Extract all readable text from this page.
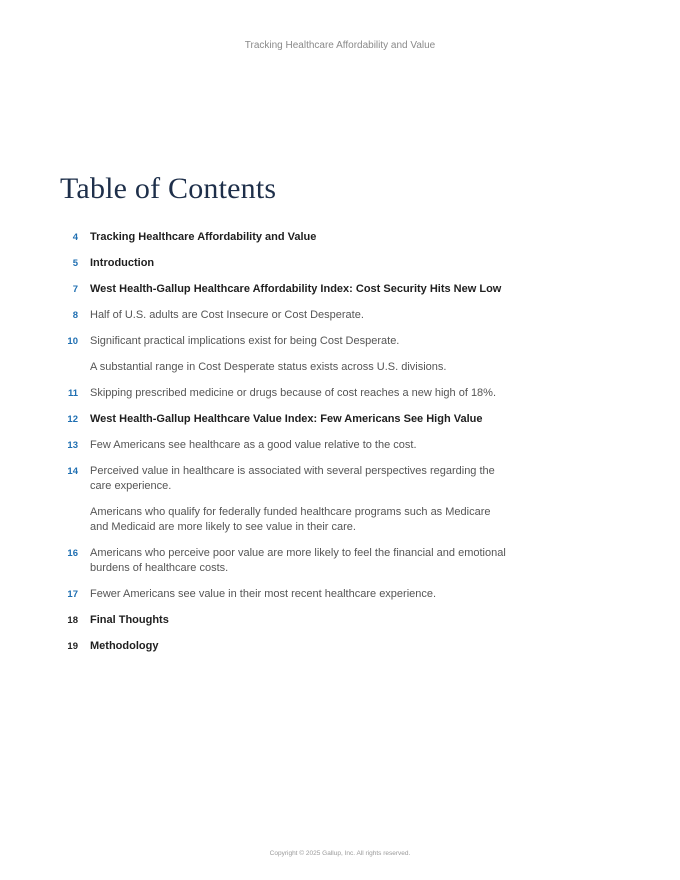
Tracking Healthcare Affordability and Value
Table of Contents
4	Tracking Healthcare Affordability and Value
5	Introduction
7	West Health-Gallup Healthcare Affordability Index: Cost Security Hits New Low
8	Half of U.S. adults are Cost Insecure or Cost Desperate.
10	Significant practical implications exist for being Cost Desperate.
A substantial range in Cost Desperate status exists across U.S. divisions.
11	Skipping prescribed medicine or drugs because of cost reaches a new high of 18%.
12	West Health-Gallup Healthcare Value Index: Few Americans See High Value
13	Few Americans see healthcare as a good value relative to the cost.
14	Perceived value in healthcare is associated with several perspectives regarding the care experience.
Americans who qualify for federally funded healthcare programs such as Medicare and Medicaid are more likely to see value in their care.
16	Americans who perceive poor value are more likely to feel the financial and emotional burdens of healthcare costs.
17	Fewer Americans see value in their most recent healthcare experience.
18	Final Thoughts
19	Methodology
Copyright © 2025 Gallup, Inc. All rights reserved.
